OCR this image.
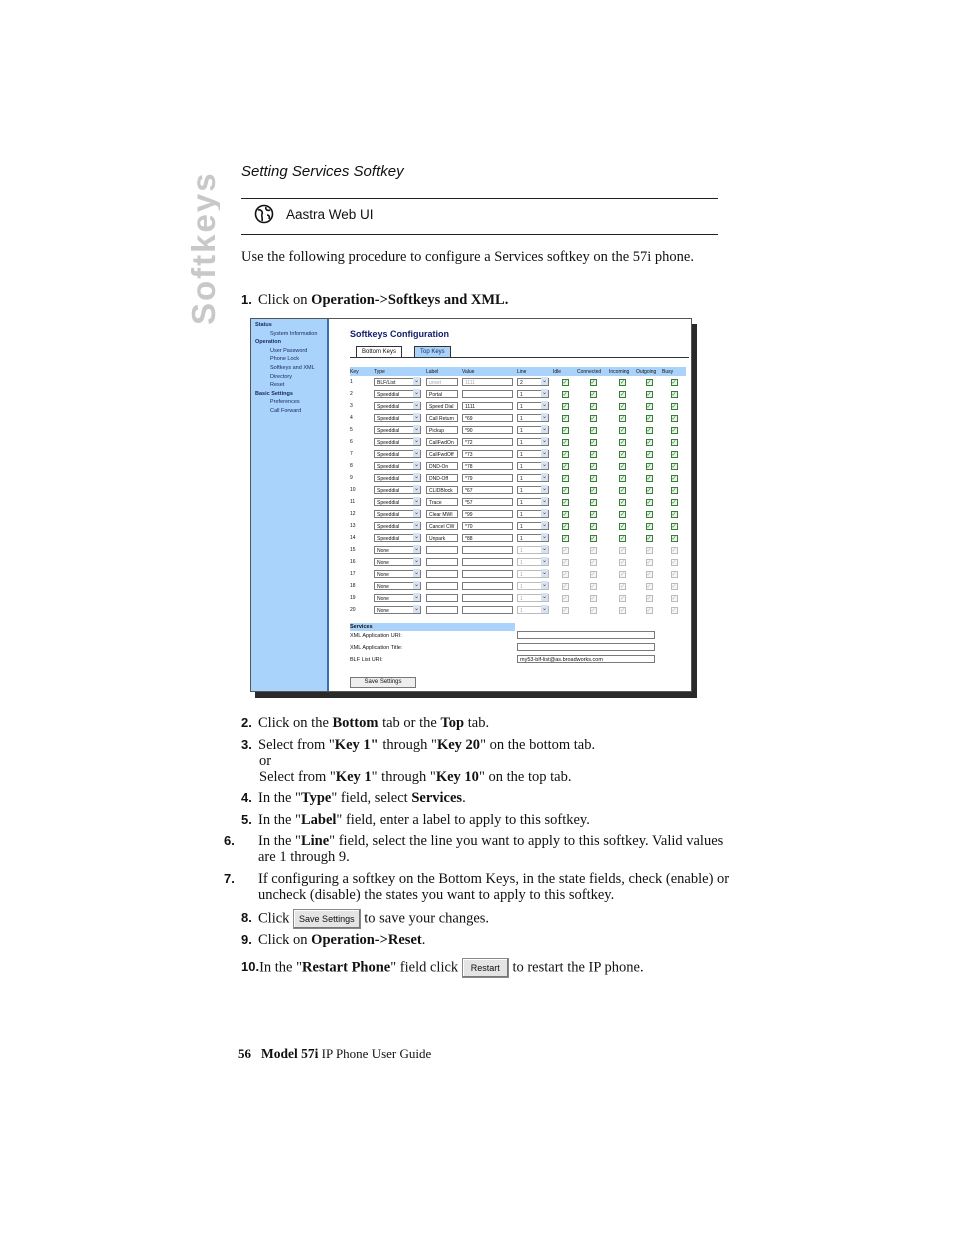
Softkeys Setting Services Softkey
Aastra Web UI
Use the following procedure to configure a Services softkey on the 57i phone.
1. Click on Operation->Softkeys and XML.
Status
System Information
Operation
User Password
Phone Lock
Softkeys and XML
Directory
Reset
Basic Settings
Preferences
Call Forward
Softkeys Configuration
Bottom Keys	Top Keys
Key	Type	Label	Value	Line	Idle	Connected	Incoming	Outgoing	Busy
1	BLF/List ⌄	unset	1111	2 ⌄	✓	✓	✓	✓	✓

2	Speeddial ⌄	Portal		1 ⌄	✓	✓	✓	✓	✓

3	Speeddial ⌄	Speed Dial	1111	1 ⌄	✓	✓	✓	✓	✓

4	Speeddial ⌄	Call Return	*69	1 ⌄	✓	✓	✓	✓	✓

5	Speeddial ⌄	Pickup	*90	1 ⌄	✓	✓	✓	✓	✓

6	Speeddial ⌄	CallFwdOn	*72	1 ⌄	✓	✓	✓	✓	✓

7	Speeddial ⌄	CallFwdOff	*73	1 ⌄	✓	✓	✓	✓	✓

8	Speeddial ⌄	DND-On	*78	1 ⌄	✓	✓	✓	✓	✓

9	Speeddial ⌄	DND-Off	*79	1 ⌄	✓	✓	✓	✓	✓

10	Speeddial ⌄	CLIDBlock	*67	1 ⌄	✓	✓	✓	✓	✓

11	Speeddial ⌄	Trace	*57	1 ⌄	✓	✓	✓	✓	✓

12	Speeddial ⌄	Clear MWI	*99	1 ⌄	✓	✓	✓	✓	✓

13	Speeddial ⌄	Cancel CW	*70	1 ⌄	✓	✓	✓	✓	✓

14	Speeddial ⌄	Unpark	*88	1 ⌄	✓	✓	✓	✓	✓

15	None ⌄			1 ⌄	✓	✓	✓	✓	✓

16	None ⌄			1 ⌄	✓	✓	✓	✓	✓

17	None ⌄			1 ⌄	✓	✓	✓	✓	✓

18	None ⌄			1 ⌄	✓	✓	✓	✓	✓

19	None ⌄			1 ⌄	✓	✓	✓	✓	✓

20	None ⌄			1 ⌄	✓	✓	✓	✓	✓
Services
XML Application URI:
XML Application Title:
BLF List URI:	my53-blf-list@as.broadworks.com
Save Settings
2. Click on the Bottom tab or the Top tab.
3. Select from "Key 1" through "Key 20" on the bottom tab.
or
Select from "Key 1" through "Key 10" on the top tab.
4. In the "Type" field, select Services.
5. In the "Label" field, enter a label to apply to this softkey.
6. In the "Line" field, select the line you want to apply to this softkey. Valid values are 1 through 9.
7. If configuring a softkey on the Bottom Keys, in the state fields, check (enable) or uncheck (disable) the states you want to apply to this softkey.
8. Click Save Settings to save your changes.
9. Click on Operation->Reset.
10.In the "Restart Phone" field click Restart to restart the IP phone.
56 Model 57i IP Phone User Guide
